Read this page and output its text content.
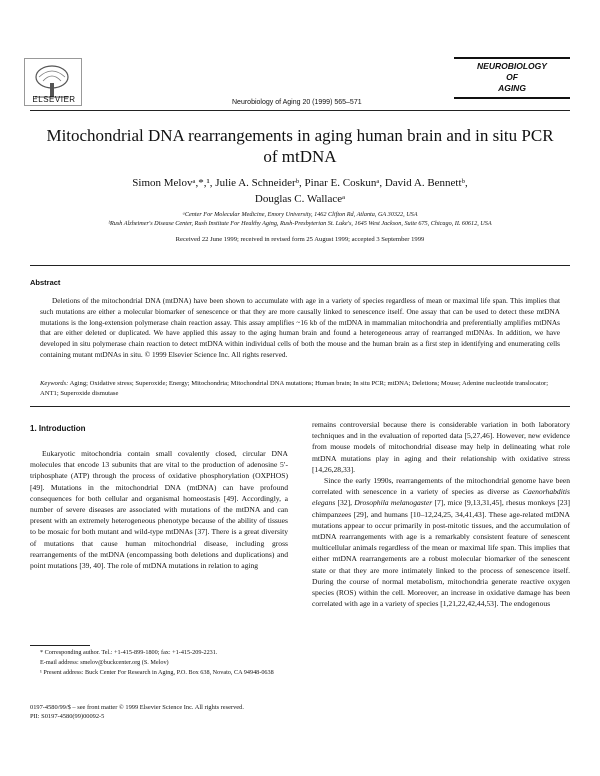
ELSEVIER	Neurobiology of Aging 20 (1999) 565–571
NEUROBIOLOGY
OF
AGING
Mitochondrial DNA rearrangements in aging human brain and in situ PCR of mtDNA
Simon Melovᵃ,*,¹, Julie A. Schneiderᵇ, Pinar E. Coskunᵃ, David A. Bennettᵇ,
Douglas C. Wallaceᵃ
ᵃCenter For Molecular Medicine, Emory University, 1462 Clifton Rd, Atlanta, GA 30322, USA
ᵇRush Alzheimer's Disease Center, Rush Institute For Healthy Aging, Rush-Presbyterian St. Luke's, 1645 West Jackson, Suite 675, Chicago, IL 60612, USA
Received 22 June 1999; received in revised form 25 August 1999; accepted 3 September 1999
Abstract
Deletions of the mitochondrial DNA (mtDNA) have been shown to accumulate with age in a variety of species regardless of mean or maximal life span. This implies that such mutations are either a molecular biomarker of senescence or that they are more causally linked to senescence itself. One assay that can be used to detect these mtDNA mutations is the long-extension polymerase chain reaction assay. This assay amplifies ~16 kb of the mtDNA in mammalian mitochondria and preferentially amplifies mtDNAs that are either deleted or duplicated. We have applied this assay to the aging human brain and found a heterogeneous array of rearranged mtDNAs. In addition, we have developed in situ polymerase chain reaction to detect mtDNA within individual cells of both the mouse and the human brain as a first step in identifying and enumerating cells containing mutant mtDNAs in situ. © 1999 Elsevier Science Inc. All rights reserved.
Keywords: Aging; Oxidative stress; Superoxide; Energy; Mitochondria; Mitochondrial DNA mutations; Human brain; In situ PCR; mtDNA; Deletions; Mouse; Adenine nucleotide translocator; ANT1; Superoxide dismutase
1. Introduction
Eukaryotic mitochondria contain small covalently closed, circular DNA molecules that encode 13 subunits that are vital to the production of adenosine 5′-triphosphate (ATP) through the process of oxidative phosphorylation (OXPHOS) [49]. Mutations in the mitochondrial DNA (mtDNA) can have profound consequences for both cellular and organismal homeostasis [49]. Accordingly, a number of severe diseases are associated with mutations of the mtDNA and can present with an extremely heterogeneous phenotype because of the ability of tissues to be mosaic for both mutant and wild-type mtDNAs [37]. There is a great diversity of mutations that cause human mitochondrial disease, including gross rearrangements of the mtDNA (encompassing both deletions and duplications) and point mutations [39, 40]. The role of mtDNA mutations in relation to aging

remains controversial because there is considerable variation in both laboratory techniques and in the evaluation of reported data [5,27,46]. However, new evidence from mouse models of mitochondrial disease may help in delineating what role mtDNA mutations play in aging and their relationship with oxidative stress [14,26,28,33].

Since the early 1990s, rearrangements of the mitochondrial genome have been correlated with senescence in a variety of species as diverse as Caenorhabditis elegans [32], Drosophila melanogaster [7], mice [9,13,31,45], rhesus monkeys [23] chimpanzees [29], and humans [10–12,24,25, 34,41,43]. These age-related mtDNA mutations appear to occur primarily in post-mitotic tissues, and the accumulation of mtDNA rearrangements with age is a remarkably consistent feature of senescent multicellular animals regardless of the mean or maximal life span. This implies that either mtDNA rearrangements are a robust molecular biomarker of the senescent state or that they are more intimately linked to the process of senescence itself. During the course of normal metabolism, mitochondria generate reactive oxygen species (ROS) within the cell. Moreover, an increase in oxidative damage has been correlated with age in a variety of species [1,21,22,42,44,53]. The endogenous

* Corresponding author. Tel.: +1-415-899-1800; fax: +1-415-209-2231.

E-mail address: smelov@buckcenter.org (S. Melov)

¹ Present address: Buck Center For Research in Aging, P.O. Box 638, Novato, CA 94948-0638

0197-4580/99/$ – see front matter © 1999 Elsevier Science Inc. All rights reserved.
PII: S0197-4580(99)00092-5
